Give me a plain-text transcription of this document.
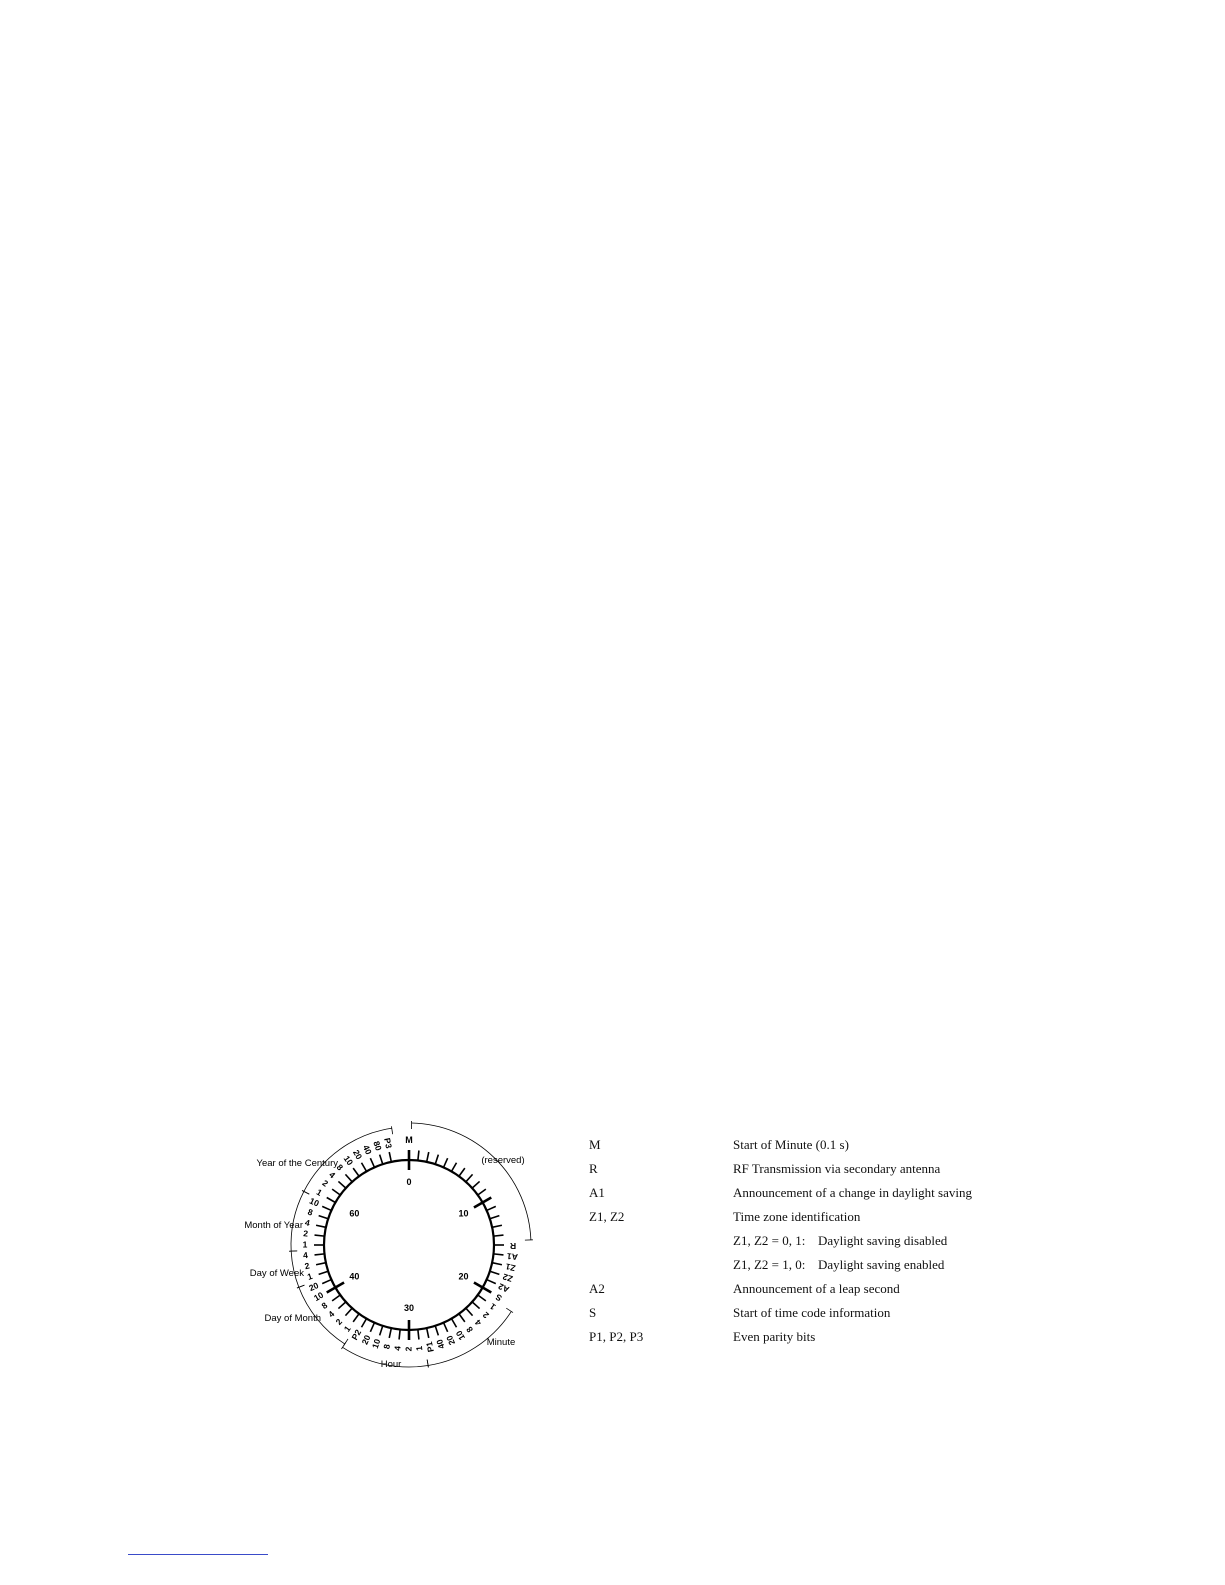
0
10
20
30
40
60
R
A1
Z1
Z2
A2
S
1
2
4
8
10
20
40
P1
1
2
4
8
10
20
P2
1
2
4
8
10
20
1
2
4
1
2
4
8
10
1
2
4
8
10
20
40
80
P3 M
(reserved)
Minute
Hour
Day of Month
Day of Week
Month of Year
Year of the Century
M	Start of Minute (0.1 s)
R	RF Transmission via secondary antenna
A1	Announcement of a change in daylight saving
Z1, Z2	Time zone identification
Z1, Z2 = 0, 1: Daylight saving disabled
Z1, Z2 = 1, 0: Daylight saving enabled
A2	Announcement of a leap second
S	Start of time code information
P1, P2, P3	Even parity bits
